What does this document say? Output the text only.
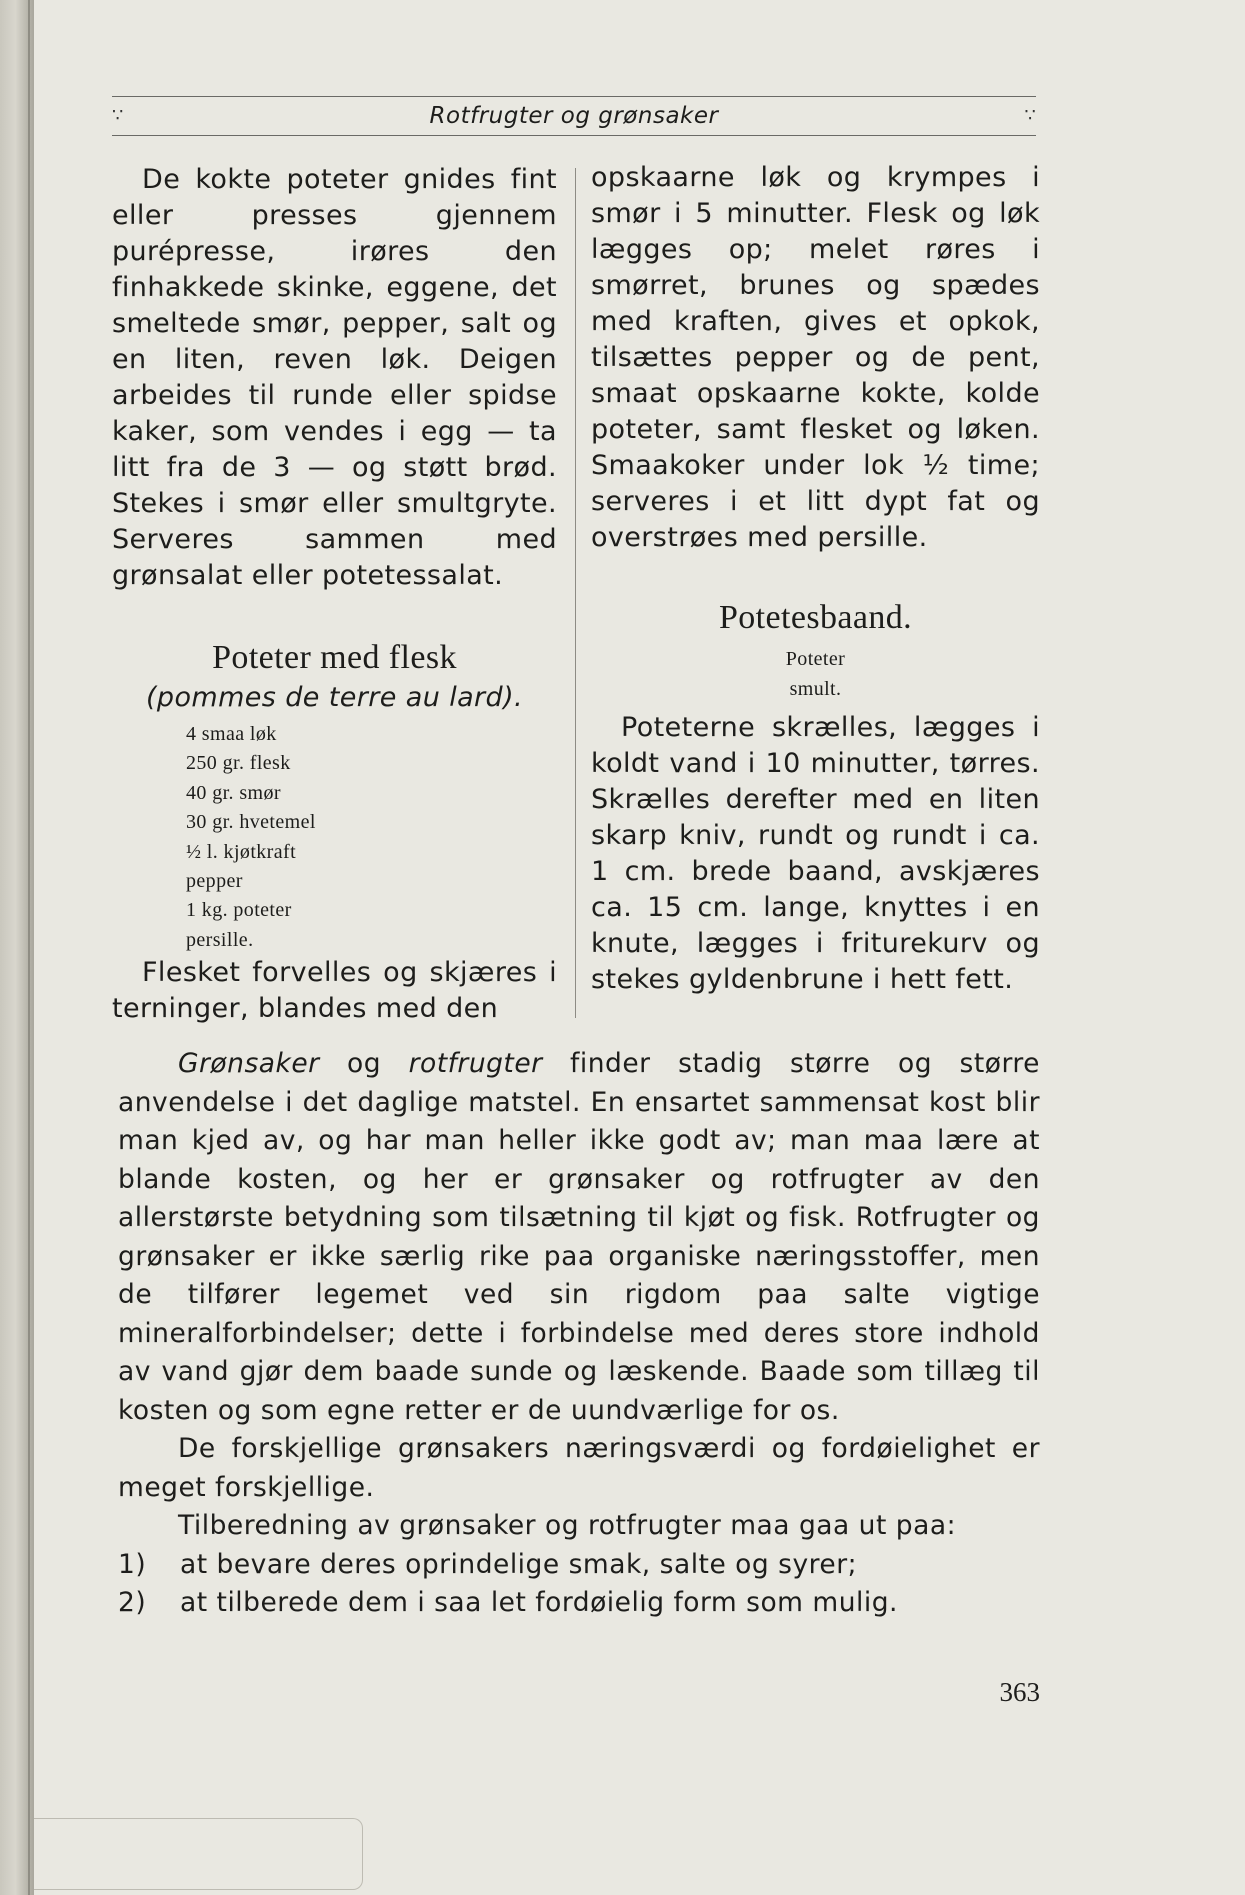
∵	Rotfrugter og grønsaker	∵

De kokte poteter gnides fint eller presses gjennem purépresse, irøres den finhakkede skinke, eggene, det smeltede smør, pepper, salt og en liten, reven løk. Deigen arbeides til runde eller spidse kaker, som vendes i egg — ta litt fra de 3 — og støtt brød. Stekes i smør eller smultgryte. Serveres sammen med grønsalat eller potetessalat.

Poteter med flesk
(pommes de terre au lard).
4 smaa løk
250 gr. flesk
40 gr. smør
30 gr. hvetemel
½ l. kjøtkraft
pepper
1 kg. poteter
persille.

Flesket forvelles og skjæres i terninger, blandes med den

opskaarne løk og krympes i smør i 5 minutter. Flesk og løk lægges op; melet røres i smørret, brunes og spædes med kraften, gives et opkok, tilsættes pepper og de pent, smaat opskaarne kokte, kolde poteter, samt flesket og løken. Smaakoker under lok ½ time; serveres i et litt dypt fat og overstrøes med persille.

Potetesbaand.
Poteter
smult.

Poteterne skrælles, lægges i koldt vand i 10 minutter, tørres. Skrælles derefter med en liten skarp kniv, rundt og rundt i ca. 1 cm. brede baand, avskjæres ca. 15 cm. lange, knyttes i en knute, lægges i friturekurv og stekes gyldenbrune i hett fett.

Grønsaker og rotfrugter finder stadig større og større anvendelse i det daglige matstel. En ensartet sammensat kost blir man kjed av, og har man heller ikke godt av; man maa lære at blande kosten, og her er grønsaker og rotfrugter av den allerstørste betydning som tilsætning til kjøt og fisk. Rotfrugter og grønsaker er ikke særlig rike paa organiske næringsstoffer, men de tilfører legemet ved sin rigdom paa salte vigtige mineralforbindelser; dette i forbindelse med deres store indhold av vand gjør dem baade sunde og læskende. Baade som tillæg til kosten og som egne retter er de uundværlige for os.

De forskjellige grønsakers næringsværdi og fordøielighet er meget forskjellige.

Tilberedning av grønsaker og rotfrugter maa gaa ut paa:

1) at bevare deres oprindelige smak, salte og syrer;

2) at tilberede dem i saa let fordøielig form som mulig.

363
